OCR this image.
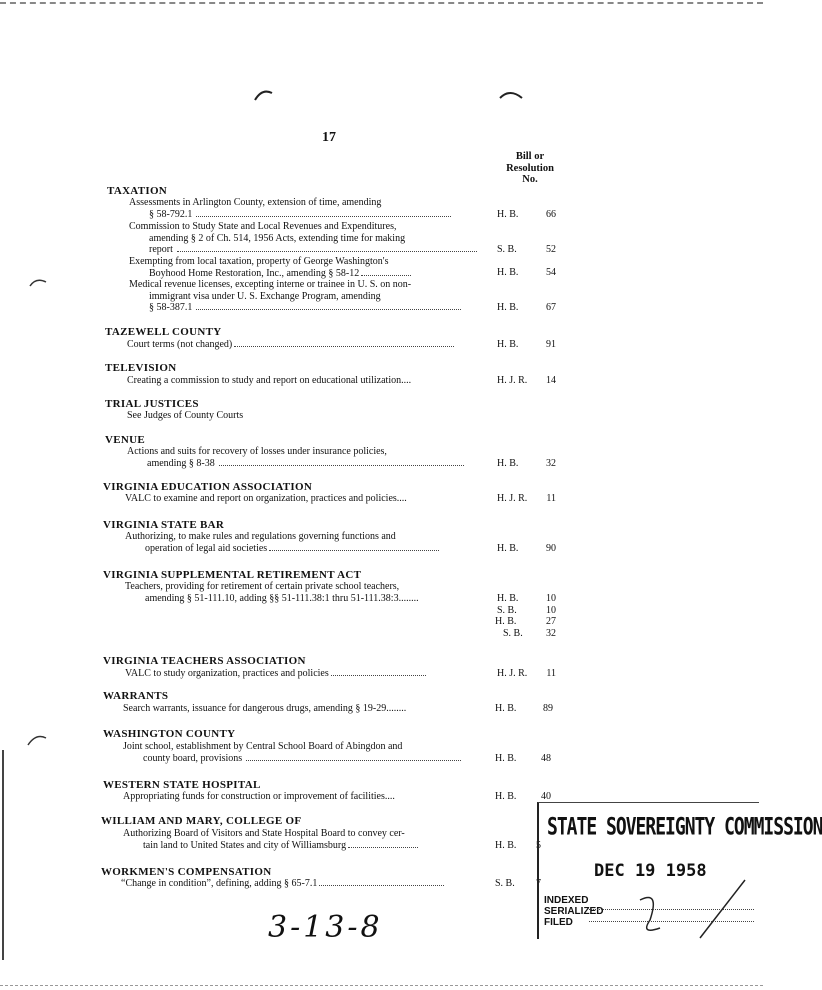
17
Bill or
Resolution
No.
TAXATION
Assessments in Arlington County, extension of time, amending
§ 58-792.1	H. B.	66
Commission to Study State and Local Revenues and Expenditures,
amending § 2 of Ch. 514, 1956 Acts, extending time for making
report	S. B.	52
Exempting from local taxation, property of George Washington's
Boyhood Home Restoration, Inc., amending § 58-12	H. B.	54
Medical revenue licenses, excepting interne or trainee in U. S. on non-
immigrant visa under U. S. Exchange Program, amending
§ 58-387.1	H. B.	67
TAZEWELL COUNTY
Court terms (not changed)	H. B.	91
TELEVISION
Creating a commission to study and report on educational utilization....	H. J. R.	14
TRIAL JUSTICES
See Judges of County Courts
VENUE
Actions and suits for recovery of losses under insurance policies,
amending § 8-38	H. B.	32
VIRGINIA EDUCATION ASSOCIATION
VALC to examine and report on organization, practices and policies....	H. J. R.	11
VIRGINIA STATE BAR
Authorizing, to make rules and regulations governing functions and
operation of legal aid societies	H. B.	90
VIRGINIA SUPPLEMENTAL RETIREMENT ACT
Teachers, providing for retirement of certain private school teachers,
amending § 51-111.10, adding §§ 51-111.38:1 thru 51-111.38:3........	H. B.	10
S. B.	10
H. B.	27
S. B.	32
VIRGINIA TEACHERS ASSOCIATION
VALC to study organization, practices and policies	H. J. R.	11
WARRANTS
Search warrants, issuance for dangerous drugs, amending § 19-29........	H. B.	89
WASHINGTON COUNTY
Joint school, establishment by Central School Board of Abingdon and
county board, provisions	H. B.	48
WESTERN STATE HOSPITAL
Appropriating funds for construction or improvement of facilities....	H. B.	40
WILLIAM AND MARY, COLLEGE OF
Authorizing Board of Visitors and State Hospital Board to convey cer-
tain land to United States and city of Williamsburg	H. B. 5
WORKMEN'S COMPENSATION
“Change in condition”, defining, adding § 65-7.1	S. B. 7
STATE SOVEREIGNTY COMMISSION
DEC 19 1958
INDEXED
SERIALIZED
FILED
3-13-8
